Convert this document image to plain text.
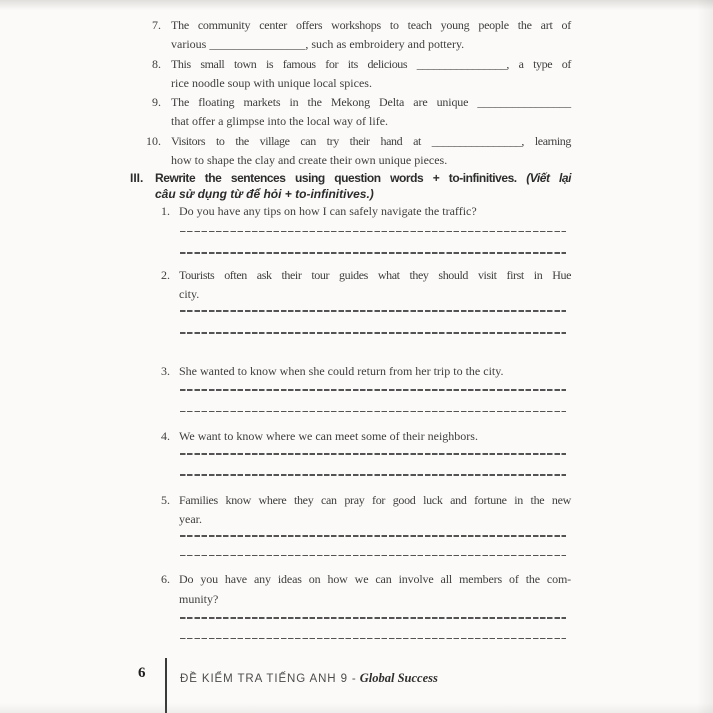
7. The community center offers workshops to teach young people the art of
various ________________, such as embroidery and pottery.
8. This small town is famous for its delicious ________________, a type of
rice noodle soup with unique local spices.
9. The floating markets in the Mekong Delta are unique ________________
that offer a glimpse into the local way of life.
10. Visitors to the village can try their hand at ________________, learning
how to shape the clay and create their own unique pieces.
III. Rewrite the sentences using question words + to-infinitives. (Viết lại
câu sử dụng từ để hỏi + to-infinitives.)
1. Do you have any tips on how I can safely navigate the traffic?
2. Tourists often ask their tour guides what they should visit first in Hue
city.
3. She wanted to know when she could return from her trip to the city.
4. We want to know where we can meet some of their neighbors.
5. Families know where they can pray for good luck and fortune in the new
year.
6. Do you have any ideas on how we can involve all members of the com-
munity?
6	ĐỀ KIỂM TRA TIẾNG ANH 9 - Global Success
